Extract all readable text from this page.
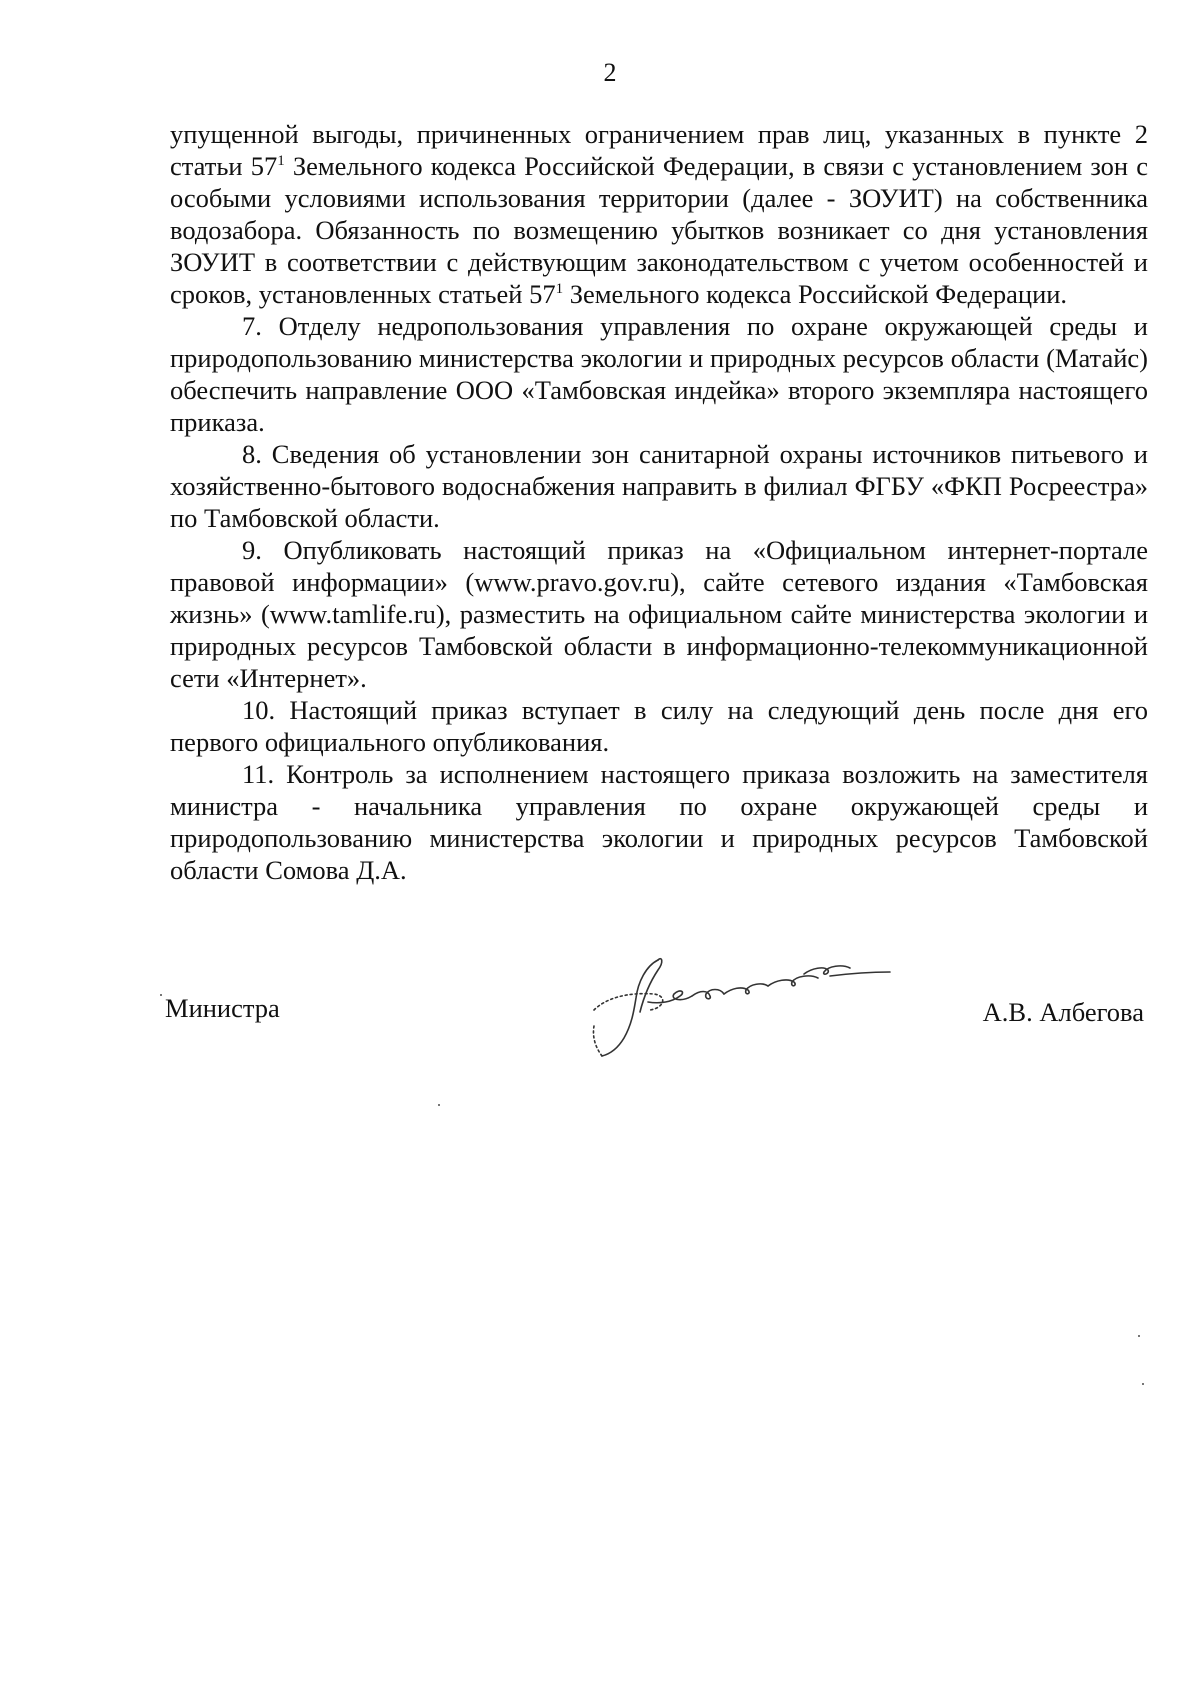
2

упущенной выгоды, причиненных ограничением прав лиц, указанных в пункте 2 статьи $57^1$ Земельного кодекса Российской Федерации, в связи с установлением зон с особыми условиями использования территории (далее - ЗОУИТ) на собственника водозабора. Обязанность по возмещению убытков возникает со дня установления ЗОУИТ в соответствии с действующим законодательством с учетом особенностей и сроков, установленных статьей $57^1$ Земельного кодекса Российской Федерации.

7. Отделу недропользования управления по охране окружающей среды и природопользованию министерства экологии и природных ресурсов области (Матайс) обеспечить направление ООО «Тамбовская индейка» второго экземпляра настоящего приказа.

8. Сведения об установлении зон санитарной охраны источников питьевого и хозяйственно-бытового водоснабжения направить в филиал ФГБУ «ФКП Росреестра» по Тамбовской области.

9. Опубликовать настоящий приказ на «Официальном интернет-портале правовой информации» (www.pravo.gov.ru), сайте сетевого издания «Тамбовская жизнь» (www.tamlife.ru), разместить на официальном сайте министерства экологии и природных ресурсов Тамбовской области в информационно-телекоммуникационной сети «Интернет».

10. Настоящий приказ вступает в силу на следующий день после дня его первого официального опубликования.

11. Контроль за исполнением настоящего приказа возложить на заместителя министра - начальника управления по охране окружающей среды и природопользованию министерства экологии и природных ресурсов Тамбовской области Сомова Д.А.

Министра	А.В. Албегова
